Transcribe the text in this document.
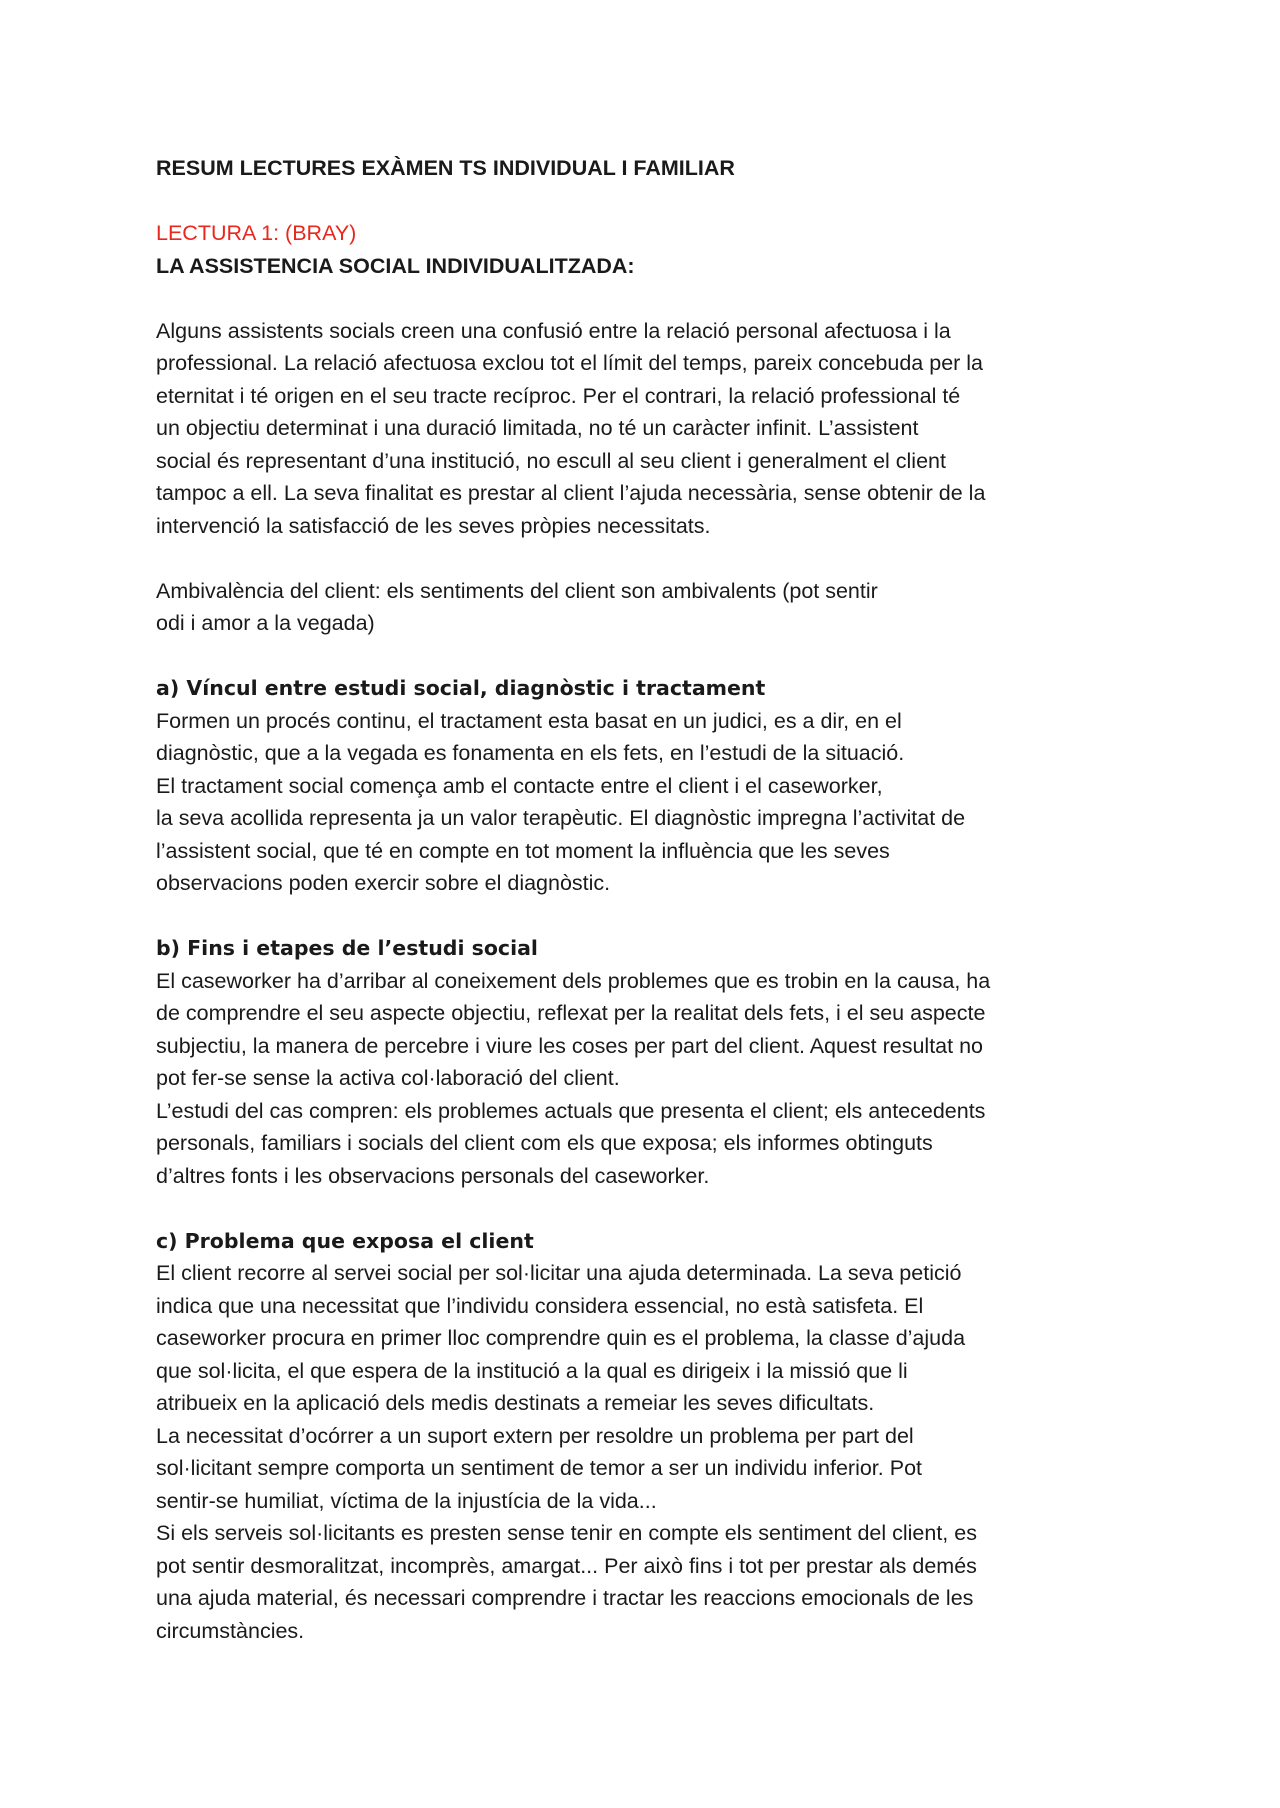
RESUM LECTURES EXÀMEN TS INDIVIDUAL I FAMILIAR
LECTURA 1: (BRAY)
LA ASSISTENCIA SOCIAL INDIVIDUALITZADA:
Alguns assistents socials creen una confusió entre la relació personal afectuosa i la
professional. La relació afectuosa exclou tot el límit del temps, pareix concebuda per la
eternitat i té origen en el seu tracte recíproc. Per el contrari, la relació professional té
un objectiu determinat i una duració limitada, no té un caràcter infinit. L’assistent
social és representant d’una institució, no escull al seu client i generalment el client
tampoc a ell. La seva finalitat es prestar al client l’ajuda necessària, sense obtenir de la
intervenció la satisfacció de les seves pròpies necessitats.
Ambivalència del client: els sentiments del client son ambivalents (pot sentir
odi i amor a la vegada)
a) Víncul entre estudi social, diagnòstic i tractament
Formen un procés continu, el tractament esta basat en un judici, es a dir, en el
diagnòstic, que a la vegada es fonamenta en els fets, en l’estudi de la situació.
El tractament social comença amb el contacte entre el client i el caseworker,
la seva acollida representa ja un valor terapèutic. El diagnòstic impregna l’activitat de
l’assistent social, que té en compte en tot moment la influència que les seves
observacions poden exercir sobre el diagnòstic.
b) Fins i etapes de l’estudi social
El caseworker ha d’arribar al coneixement dels problemes que es trobin en la causa, ha
de comprendre el seu aspecte objectiu, reflexat per la realitat dels fets, i el seu aspecte
subjectiu, la manera de percebre i viure les coses per part del client. Aquest resultat no
pot fer-se sense la activa col·laboració del client.
L’estudi del cas compren: els problemes actuals que presenta el client; els antecedents
personals, familiars i socials del client com els que exposa; els informes obtinguts
d’altres fonts i les observacions personals del caseworker.
c) Problema que exposa el client
El client recorre al servei social per sol·licitar una ajuda determinada. La seva petició
indica que una necessitat que l’individu considera essencial, no està satisfeta. El
caseworker procura en primer lloc comprendre quin es el problema, la classe d’ajuda
que sol·licita, el que espera de la institució a la qual es dirigeix i la missió que li
atribueix en la aplicació dels medis destinats a remeiar les seves dificultats.
La necessitat d’ocórrer a un suport extern per resoldre un problema per part del
sol·licitant sempre comporta un sentiment de temor a ser un individu inferior. Pot
sentir-se humiliat, víctima de la injustícia de la vida...
Si els serveis sol·licitants es presten sense tenir en compte els sentiment del client, es
pot sentir desmoralitzat, incomprès, amargat... Per això fins i tot per prestar als demés
una ajuda material, és necessari comprendre i tractar les reaccions emocionals de les
circumstàncies.
